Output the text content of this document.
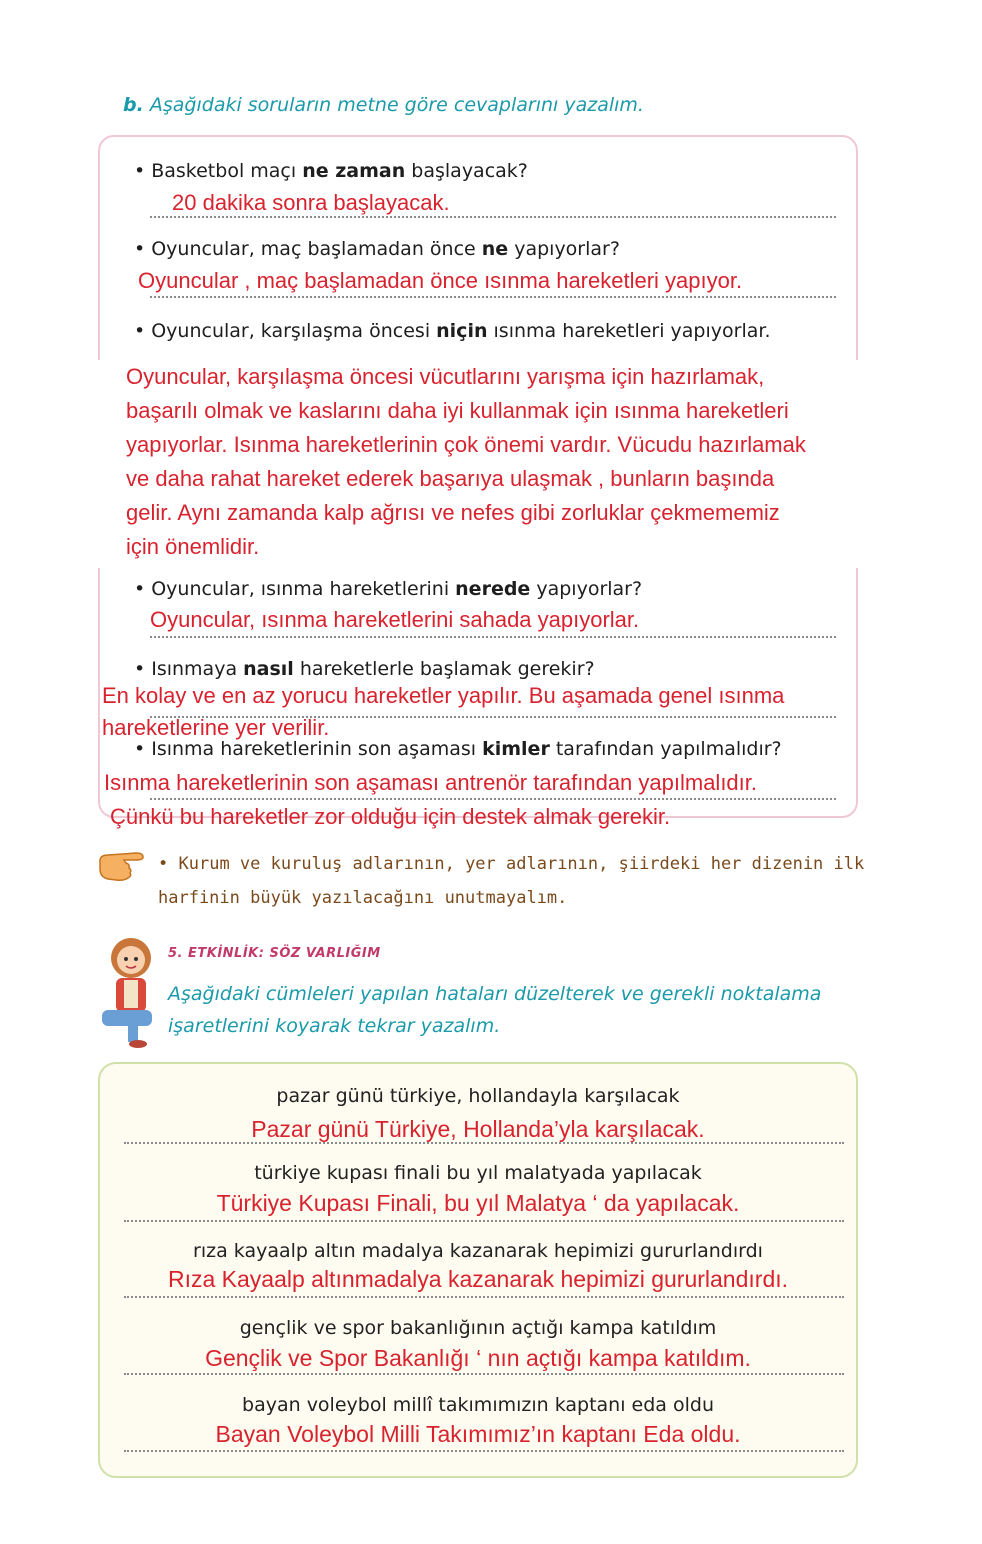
b. Aşağıdaki soruların metne göre cevaplarını yazalım.
• Basketbol maçı ne zaman başlayacak?
20 dakika sonra başlayacak.
• Oyuncular, maç başlamadan önce ne yapıyorlar?
Oyuncular , maç başlamadan önce ısınma hareketleri yapıyor.
• Oyuncular, karşılaşma öncesi niçin ısınma hareketleri yapıyorlar.
Oyuncular, karşılaşma öncesi vücutlarını yarışma için hazırlamak,
başarılı olmak ve kaslarını daha iyi kullanmak için ısınma hareketleri
yapıyorlar. Isınma hareketlerinin çok önemi vardır. Vücudu hazırlamak
ve daha rahat hareket ederek başarıya ulaşmak , bunların başında
gelir. Aynı zamanda kalp ağrısı ve nefes gibi zorluklar çekmememiz
için önemlidir.
• Oyuncular, ısınma hareketlerini nerede yapıyorlar?
Oyuncular, ısınma hareketlerini sahada yapıyorlar.
• Isınmaya nasıl hareketlerle başlamak gerekir?
En kolay ve en az yorucu hareketler yapılır. Bu aşamada genel ısınma
hareketlerine yer verilir.
• Isınma hareketlerinin son aşaması kimler tarafından yapılmalıdır?
Isınma hareketlerinin son aşaması antrenör tarafından yapılmalıdır.
Çünkü bu hareketler zor olduğu için destek almak gerekir.
• Kurum ve kuruluş adlarının, yer adlarının, şiirdeki her dizenin ilk
harfinin büyük yazılacağını unutmayalım.
5. ETKİNLİK: SÖZ VARLIĞIM
Aşağıdaki cümleleri yapılan hataları düzelterek ve gerekli noktalama
işaretlerini koyarak tekrar yazalım.
pazar günü türkiye, hollandayla karşılacak
Pazar günü Türkiye, Hollanda’yla karşılacak.
türkiye kupası finali bu yıl malatyada yapılacak
Türkiye Kupası Finali, bu yıl Malatya ‘ da yapılacak.
rıza kayaalp altın madalya kazanarak hepimizi gururlandırdı
Rıza Kayaalp altınmadalya kazanarak hepimizi gururlandırdı.
gençlik ve spor bakanlığının açtığı kampa katıldım
Gençlik ve Spor Bakanlığı ‘ nın açtığı kampa katıldım.
bayan voleybol millî takımımızın kaptanı eda oldu
Bayan Voleybol Milli Takımımız’ın kaptanı Eda oldu.
